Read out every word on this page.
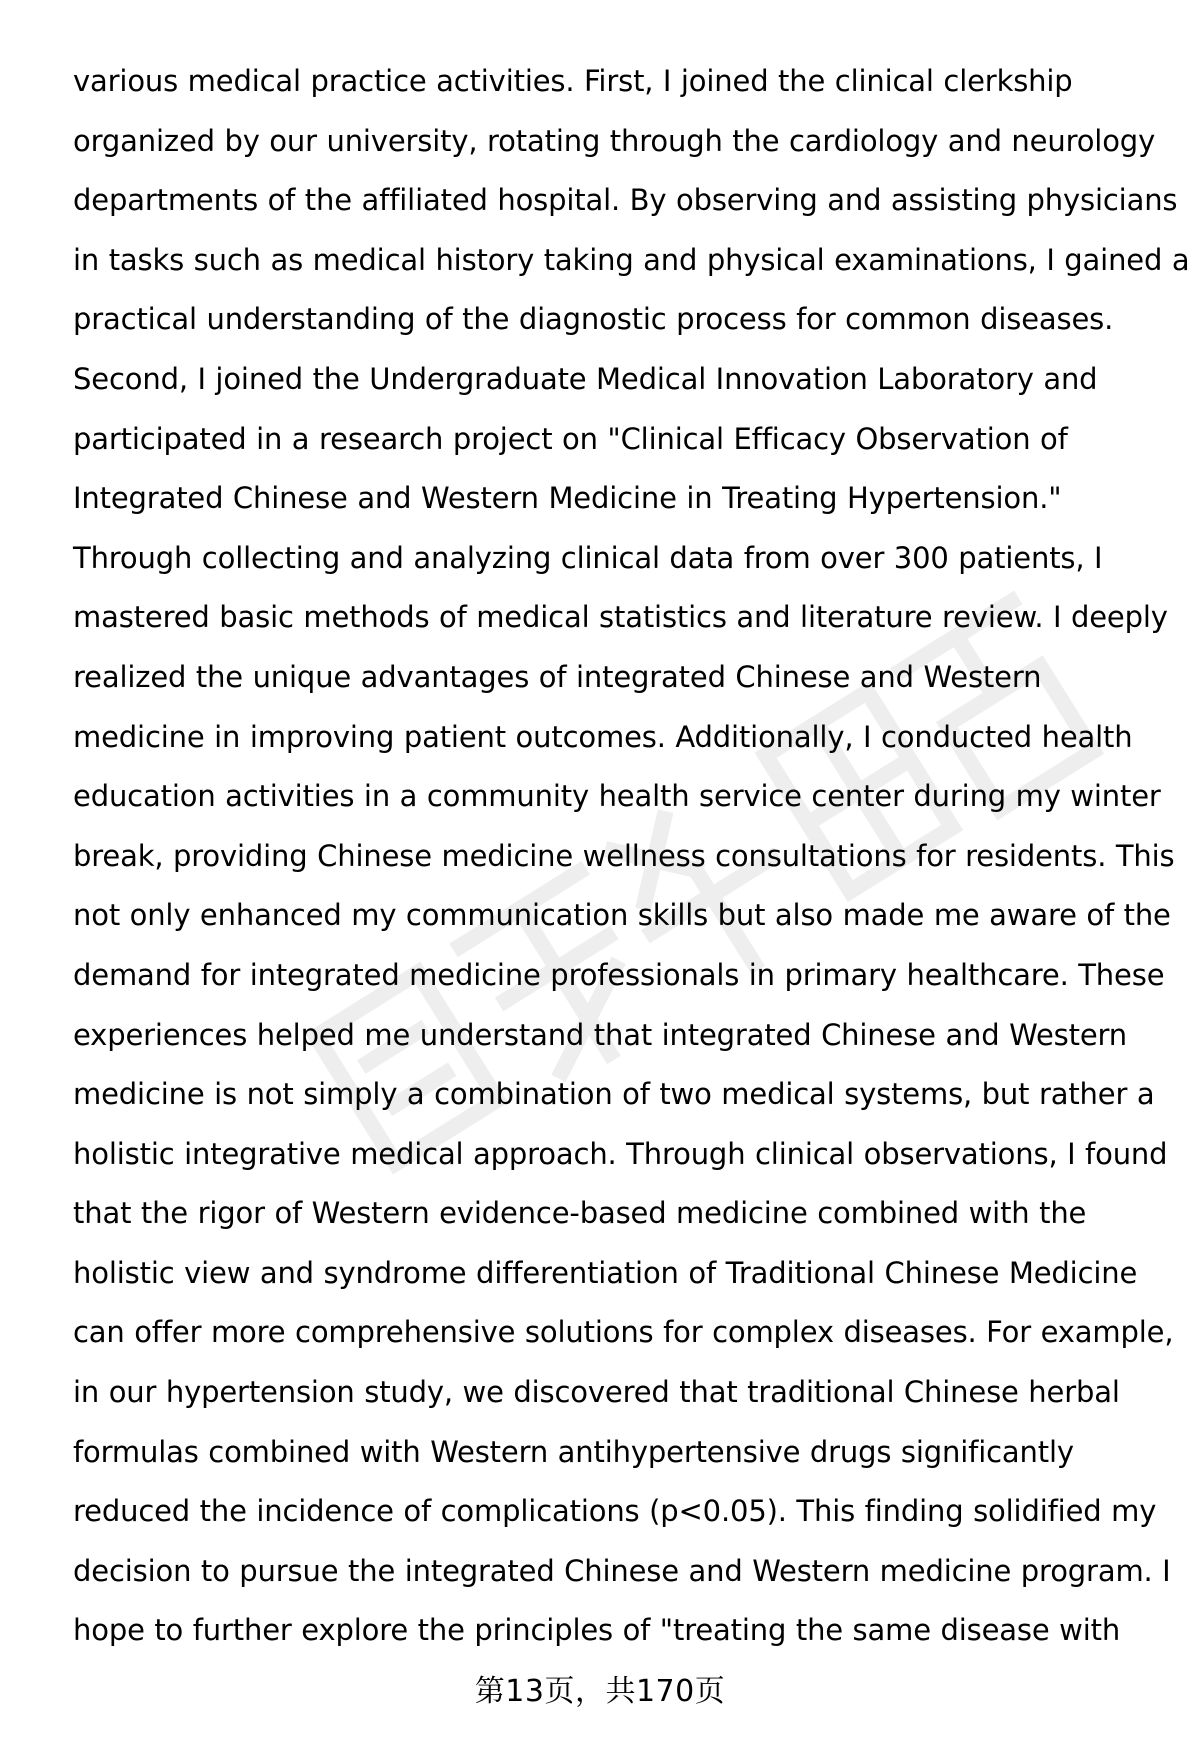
various medical practice activities. First, I joined the clinical clerkship
organized by our university, rotating through the cardiology and neurology
departments of the affiliated hospital. By observing and assisting physicians
in tasks such as medical history taking and physical examinations, I gained a
practical understanding of the diagnostic process for common diseases.
Second, I joined the Undergraduate Medical Innovation Laboratory and
participated in a research project on "Clinical Efficacy Observation of
Integrated Chinese and Western Medicine in Treating Hypertension."
Through collecting and analyzing clinical data from over 300 patients, I
mastered basic methods of medical statistics and literature review. I deeply
realized the unique advantages of integrated Chinese and Western
medicine in improving patient outcomes. Additionally, I conducted health
education activities in a community health service center during my winter
break, providing Chinese medicine wellness consultations for residents. This
not only enhanced my communication skills but also made me aware of the
demand for integrated medicine professionals in primary healthcare. These
experiences helped me understand that integrated Chinese and Western
medicine is not simply a combination of two medical systems, but rather a
holistic integrative medical approach. Through clinical observations, I found
that the rigor of Western evidence-based medicine combined with the
holistic view and syndrome differentiation of Traditional Chinese Medicine
can offer more comprehensive solutions for complex diseases. For example,
in our hypertension study, we discovered that traditional Chinese herbal
formulas combined with Western antihypertensive drugs significantly
reduced the incidence of complications (p<0.05). This finding solidified my
decision to pursue the integrated Chinese and Western medicine program. I
hope to further explore the principles of "treating the same disease with
第13页，共170页
